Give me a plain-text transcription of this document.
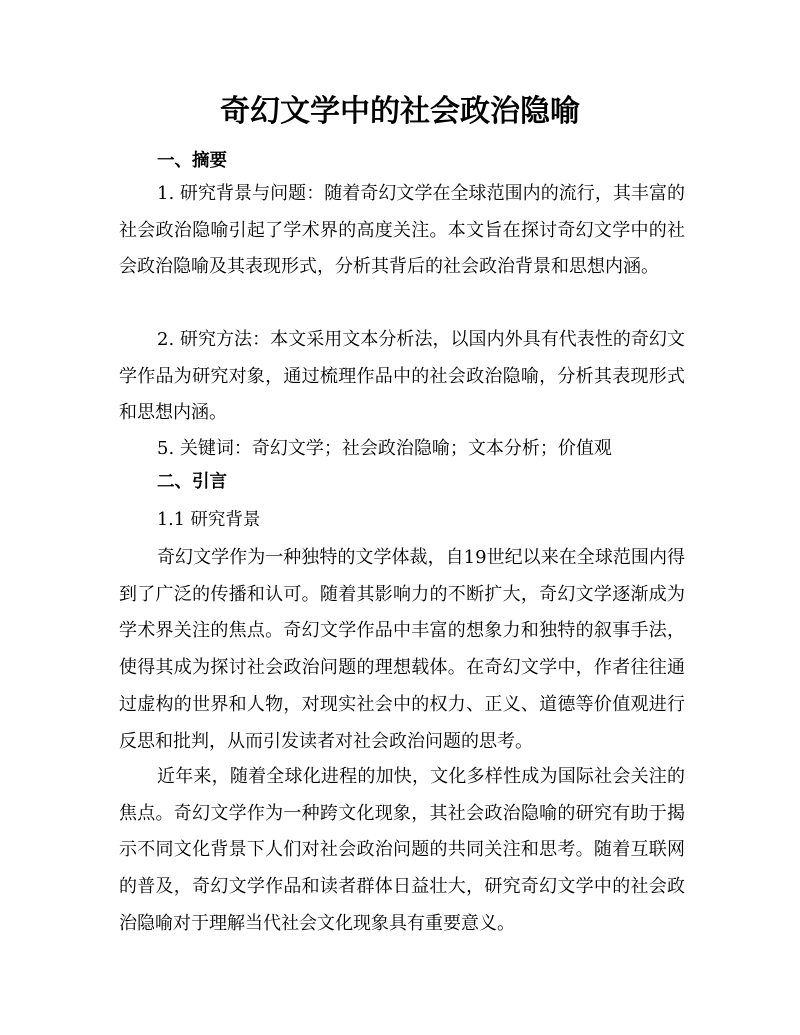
奇幻文学中的社会政治隐喻
一、摘要

1. 研究背景与问题：随着奇幻文学在全球范围内的流行，其丰富的社会政治隐喻引起了学术界的高度关注。本文旨在探讨奇幻文学中的社会政治隐喻及其表现形式，分析其背后的社会政治背景和思想内涵。

2. 研究方法：本文采用文本分析法，以国内外具有代表性的奇幻文学作品为研究对象，通过梳理作品中的社会政治隐喻，分析其表现形式和思想内涵。

5. 关键词：奇幻文学；社会政治隐喻；文本分析；价值观

二、引言

1.1 研究背景

奇幻文学作为一种独特的文学体裁，自19世纪以来在全球范围内得到了广泛的传播和认可。随着其影响力的不断扩大，奇幻文学逐渐成为学术界关注的焦点。奇幻文学作品中丰富的想象力和独特的叙事手法，使得其成为探讨社会政治问题的理想载体。在奇幻文学中，作者往往通过虚构的世界和人物，对现实社会中的权力、正义、道德等价值观进行反思和批判，从而引发读者对社会政治问题的思考。

近年来，随着全球化进程的加快，文化多样性成为国际社会关注的焦点。奇幻文学作为一种跨文化现象，其社会政治隐喻的研究有助于揭示不同文化背景下人们对社会政治问题的共同关注和思考。随着互联网的普及，奇幻文学作品和读者群体日益壮大，研究奇幻文学中的社会政治隐喻对于理解当代社会文化现象具有重要意义。
